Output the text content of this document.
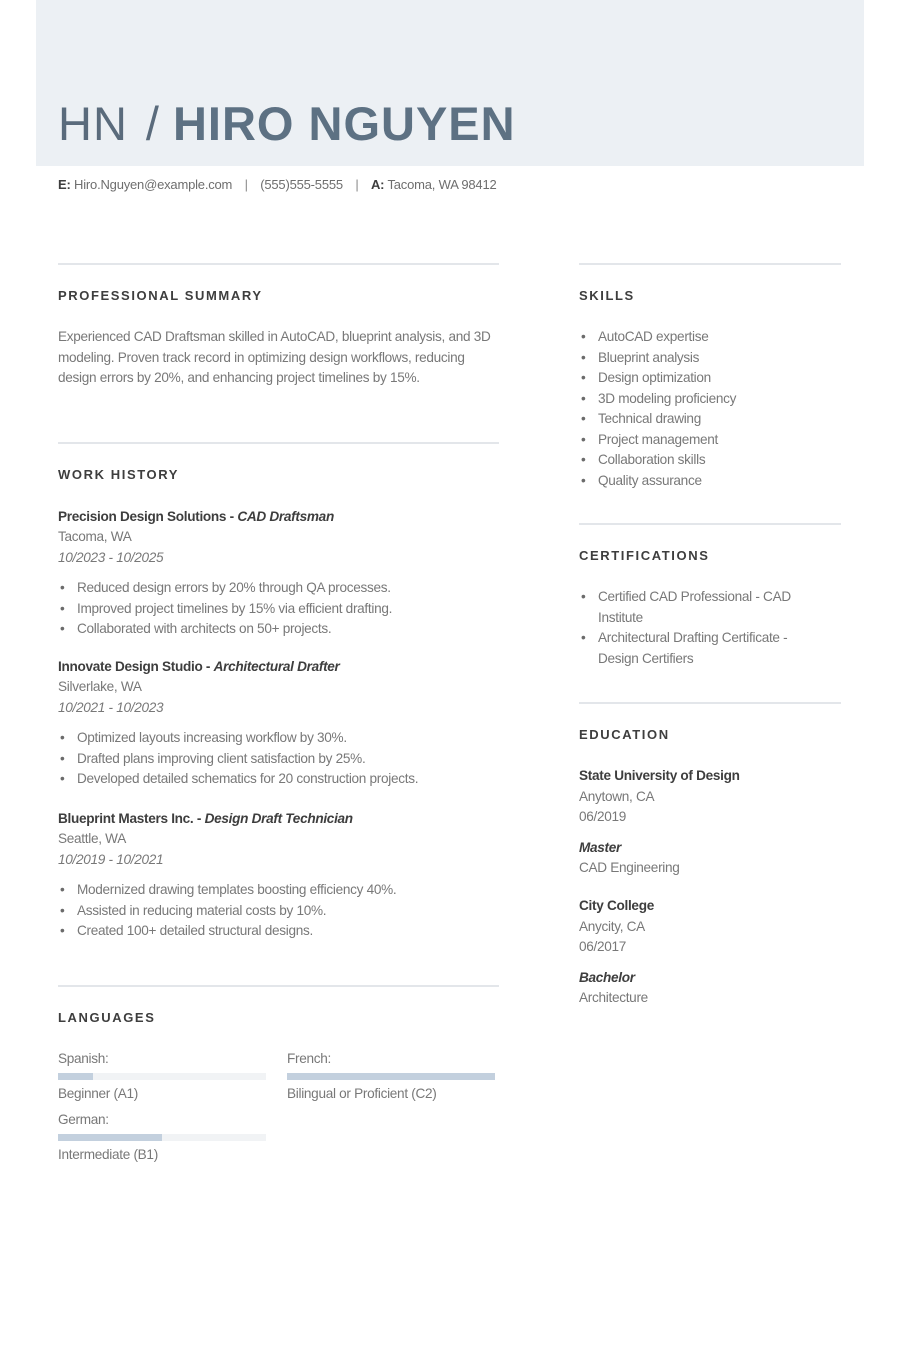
HN / HIRO NGUYEN
E: Hiro.Nguyen@example.com | (555)555-5555 | A: Tacoma, WA 98412
PROFESSIONAL SUMMARY
Experienced CAD Draftsman skilled in AutoCAD, blueprint analysis, and 3D modeling. Proven track record in optimizing design workflows, reducing design errors by 20%, and enhancing project timelines by 15%.
WORK HISTORY
Precision Design Solutions - CAD Draftsman
Tacoma, WA
10/2023 - 10/2025
• Reduced design errors by 20% through QA processes.
• Improved project timelines by 15% via efficient drafting.
• Collaborated with architects on 50+ projects.
Innovate Design Studio - Architectural Drafter
Silverlake, WA
10/2021 - 10/2023
• Optimized layouts increasing workflow by 30%.
• Drafted plans improving client satisfaction by 25%.
• Developed detailed schematics for 20 construction projects.
Blueprint Masters Inc. - Design Draft Technician
Seattle, WA
10/2019 - 10/2021
• Modernized drawing templates boosting efficiency 40%.
• Assisted in reducing material costs by 10%.
• Created 100+ detailed structural designs.
LANGUAGES
Spanish:
Beginner (A1)
French:
Bilingual or Proficient (C2)
German:
Intermediate (B1)
SKILLS
• AutoCAD expertise
• Blueprint analysis
• Design optimization
• 3D modeling proficiency
• Technical drawing
• Project management
• Collaboration skills
• Quality assurance
CERTIFICATIONS
• Certified CAD Professional - CAD Institute
• Architectural Drafting Certificate - Design Certifiers
EDUCATION
State University of Design
Anytown, CA
06/2019
Master
CAD Engineering
City College
Anycity, CA
06/2017
Bachelor
Architecture
